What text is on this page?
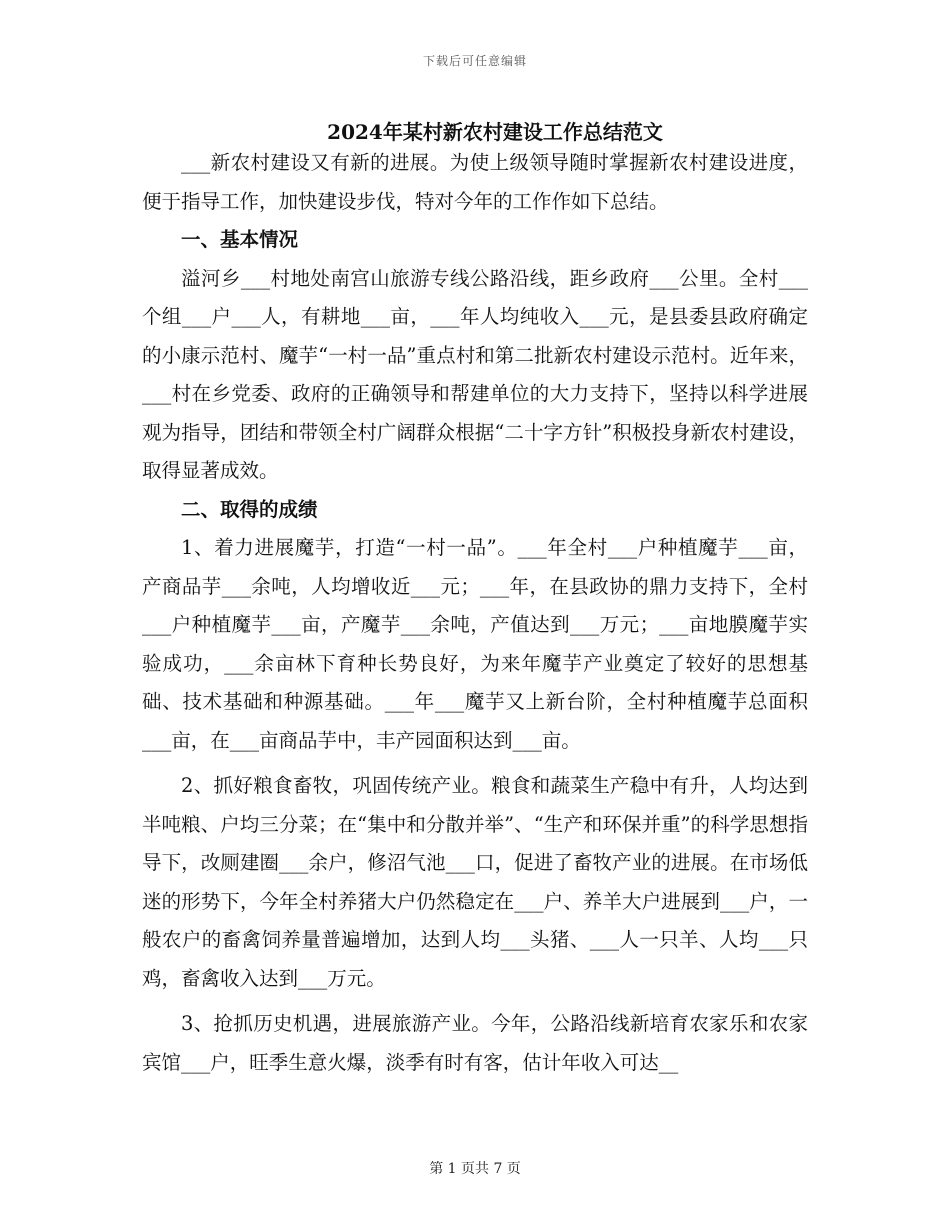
下载后可任意编辑
2024年某村新农村建设工作总结范文

___新农村建设又有新的进展。为使上级领导随时掌握新农村建设进度，便于指导工作，加快建设步伐，特对今年的工作作如下总结。

一、基本情况

溢河乡___村地处南宫山旅游专线公路沿线，距乡政府___公里。全村___个组___户___人，有耕地___亩，___年人均纯收入___元，是县委县政府确定的小康示范村、魔芋“一村一品”重点村和第二批新农村建设示范村。近年来，___村在乡党委、政府的正确领导和帮建单位的大力支持下，坚持以科学进展观为指导，团结和带领全村广阔群众根据“二十字方针”积极投身新农村建设，取得显著成效。

二、取得的成绩

1、着力进展魔芋，打造“一村一品”。___年全村___户种植魔芋___亩，产商品芋___余吨，人均增收近___元；___年，在县政协的鼎力支持下，全村___户种植魔芋___亩，产魔芋___余吨，产值达到___万元；___亩地膜魔芋实验成功，___余亩林下育种长势良好，为来年魔芋产业奠定了较好的思想基础、技术基础和种源基础。___年___魔芋又上新台阶，全村种植魔芋总面积___亩，在___亩商品芋中，丰产园面积达到___亩。

2、抓好粮食畜牧，巩固传统产业。粮食和蔬菜生产稳中有升，人均达到半吨粮、户均三分菜；在“集中和分散并举”、“生产和环保并重”的科学思想指导下，改厕建圈___余户，修沼气池___口，促进了畜牧产业的进展。在市场低迷的形势下，今年全村养猪大户仍然稳定在___户、养羊大户进展到___户，一般农户的畜禽饲养量普遍增加，达到人均___头猪、___人一只羊、人均___只鸡，畜禽收入达到___万元。

3、抢抓历史机遇，进展旅游产业。今年，公路沿线新培育农家乐和农家宾馆___户，旺季生意火爆，淡季有时有客，估计年收入可达__

第 1 页共 7 页
